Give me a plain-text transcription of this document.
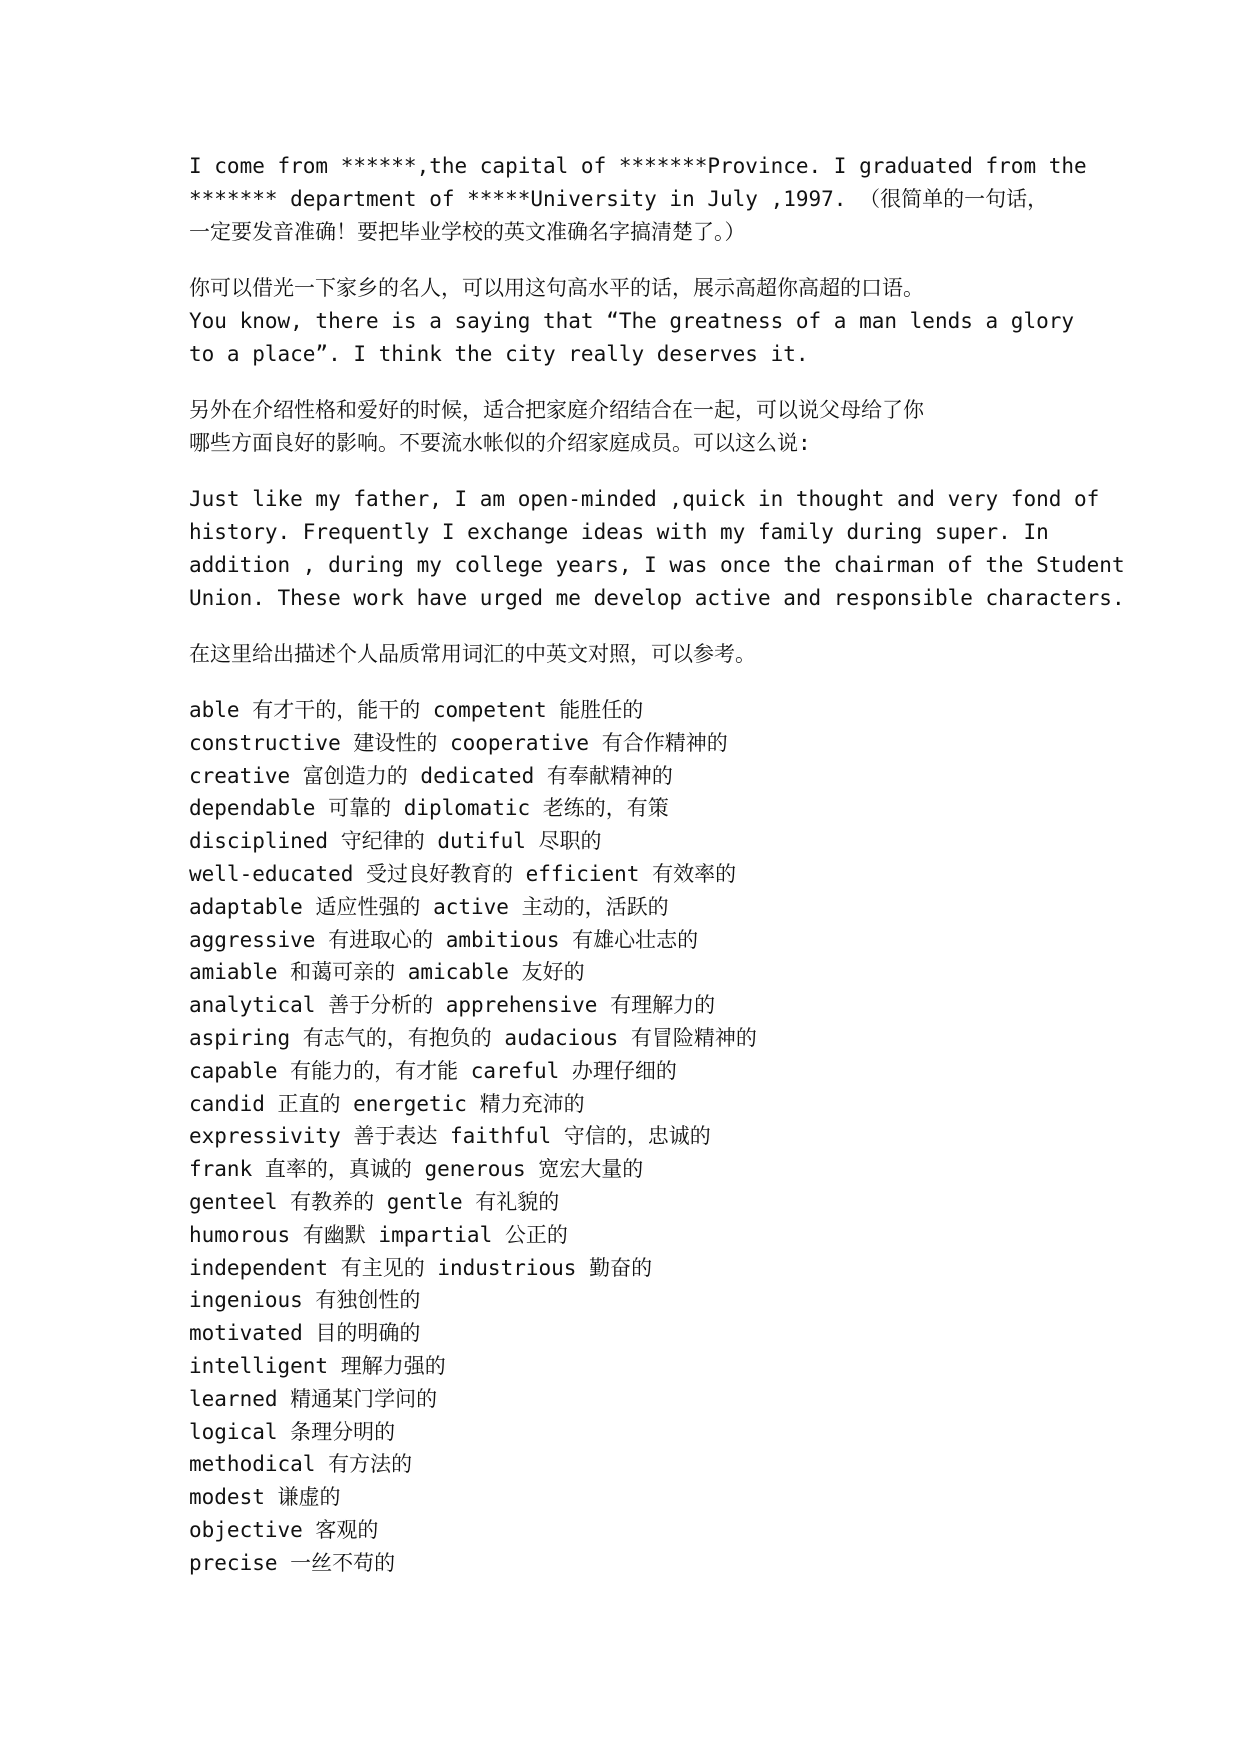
I come from ******,the capital of *******Province. I graduated from the
******* department of *****University in July ,1997. （很简单的一句话，
一定要发音准确！要把毕业学校的英文准确名字搞清楚了。）

你可以借光一下家乡的名人，可以用这句高水平的话，展示高超你高超的口语。
You know, there is a saying that “The greatness of a man lends a glory
to a place”. I think the city really deserves it.

另外在介绍性格和爱好的时候，适合把家庭介绍结合在一起，可以说父母给了你
哪些方面良好的影响。不要流水帐似的介绍家庭成员。可以这么说:

Just like my father, I am open-minded ,quick in thought and very fond of
history. Frequently I exchange ideas with my family during super. In
addition , during my college years, I was once the chairman of the Student
Union. These work have urged me develop active and responsible characters.

在这里给出描述个人品质常用词汇的中英文对照，可以参考。

able 有才干的，能干的 competent 能胜任的
constructive 建设性的 cooperative 有合作精神的
creative 富创造力的 dedicated 有奉献精神的
dependable 可靠的 diplomatic 老练的，有策
disciplined 守纪律的 dutiful 尽职的
well-educated 受过良好教育的 efficient 有效率的
adaptable 适应性强的 active 主动的，活跃的
aggressive 有进取心的 ambitious 有雄心壮志的
amiable 和蔼可亲的 amicable 友好的
analytical 善于分析的 apprehensive 有理解力的
aspiring 有志气的，有抱负的 audacious 有冒险精神的
capable 有能力的，有才能 careful 办理仔细的
candid 正直的 energetic 精力充沛的
expressivity 善于表达 faithful 守信的，忠诚的
frank 直率的，真诚的 generous 宽宏大量的
genteel 有教养的 gentle 有礼貌的
humorous 有幽默 impartial 公正的
independent 有主见的 industrious 勤奋的
ingenious 有独创性的
motivated 目的明确的
intelligent 理解力强的
learned 精通某门学问的
logical 条理分明的
methodical 有方法的
modest 谦虚的
objective 客观的
precise 一丝不苟的
